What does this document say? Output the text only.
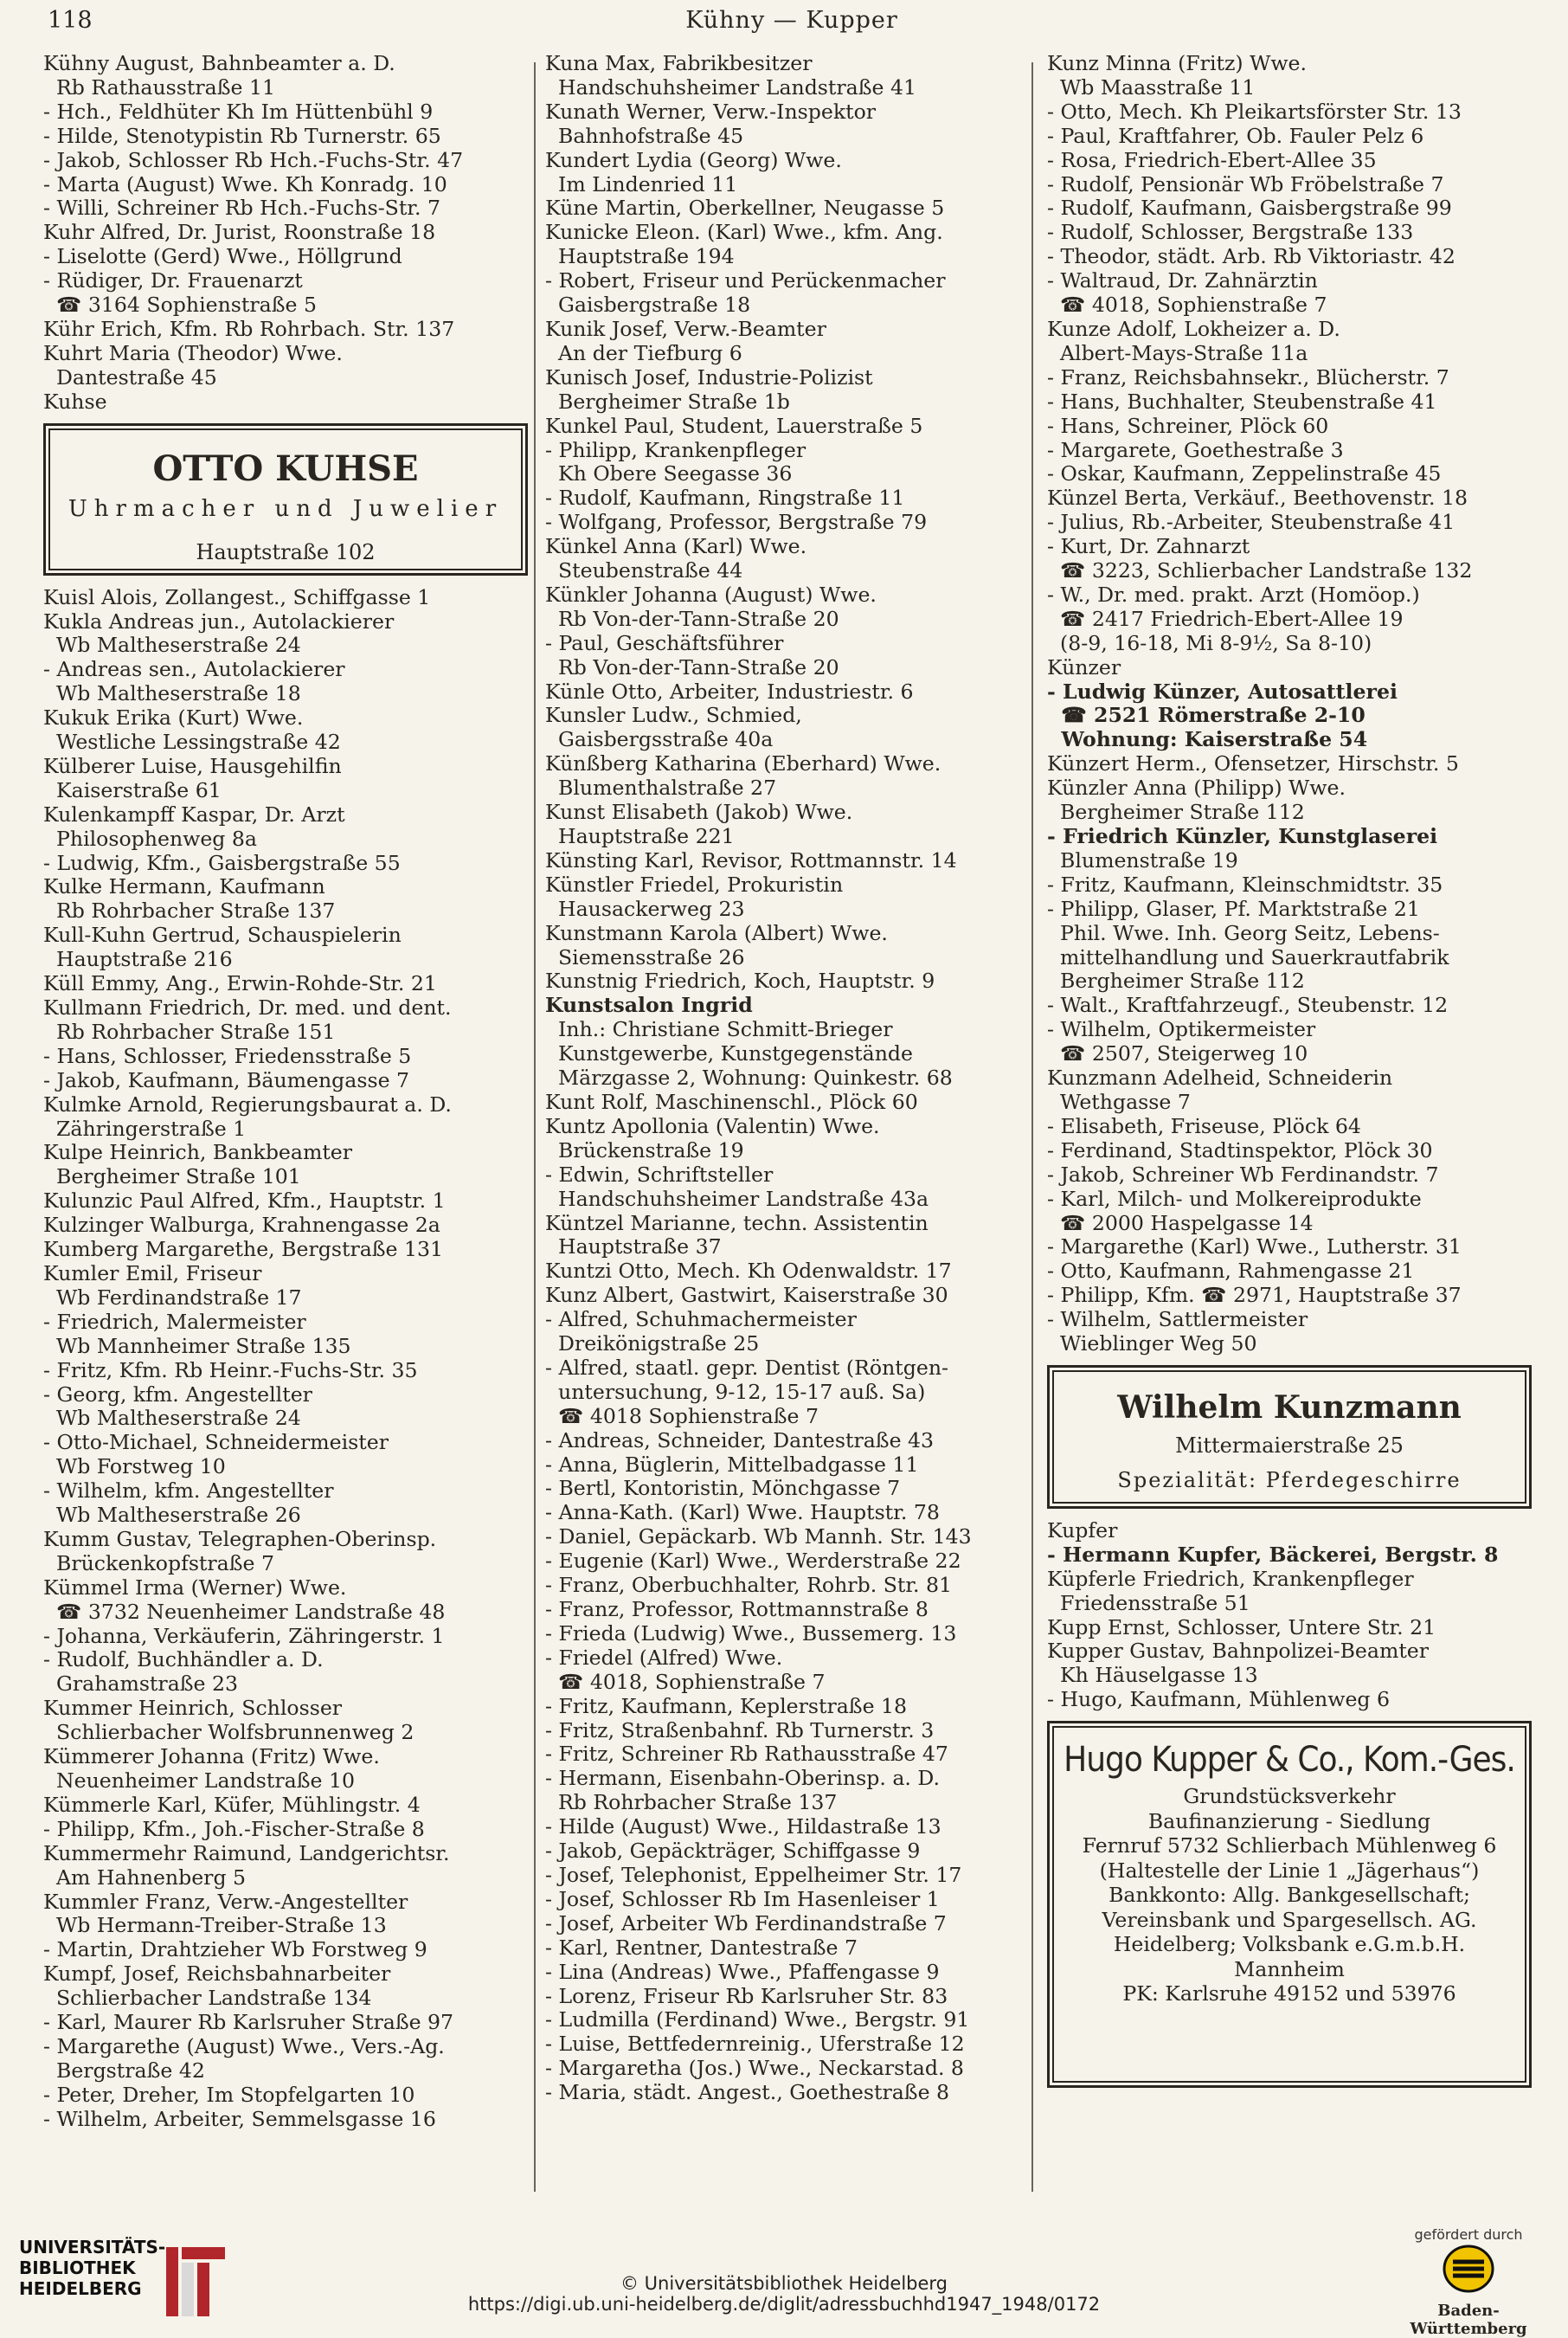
118	Kühny — Kupper
Kühny August, Bahnbeamter a. D.
Rb Rathausstraße 11
- Hch., Feldhüter Kh Im Hüttenbühl 9
- Hilde, Stenotypistin Rb Turnerstr. 65
- Jakob, Schlosser Rb Hch.-Fuchs-Str. 47
- Marta (August) Wwe. Kh Konradg. 10
- Willi, Schreiner Rb Hch.-Fuchs-Str. 7
Kuhr Alfred, Dr. Jurist, Roonstraße 18
- Liselotte (Gerd) Wwe., Höllgrund
- Rüdiger, Dr. Frauenarzt
☎ 3164 Sophienstraße 5
Kühr Erich, Kfm. Rb Rohrbach. Str. 137
Kuhrt Maria (Theodor) Wwe.
Dantestraße 45
Kuhse
OTTO KUHSE
Uhrmacher und Juwelier
Hauptstraße 102
Kuisl Alois, Zollangest., Schiffgasse 1
Kukla Andreas jun., Autolackierer
Wb Maltheserstraße 24
- Andreas sen., Autolackierer
Wb Maltheserstraße 18
Kukuk Erika (Kurt) Wwe.
Westliche Lessingstraße 42
Külberer Luise, Hausgehilfin
Kaiserstraße 61
Kulenkampff Kaspar, Dr. Arzt
Philosophenweg 8a
- Ludwig, Kfm., Gaisbergstraße 55
Kulke Hermann, Kaufmann
Rb Rohrbacher Straße 137
Kull-Kuhn Gertrud, Schauspielerin
Hauptstraße 216
Küll Emmy, Ang., Erwin-Rohde-Str. 21
Kullmann Friedrich, Dr. med. und dent.
Rb Rohrbacher Straße 151
- Hans, Schlosser, Friedensstraße 5
- Jakob, Kaufmann, Bäumengasse 7
Kulmke Arnold, Regierungsbaurat a. D.
Zähringerstraße 1
Kulpe Heinrich, Bankbeamter
Bergheimer Straße 101
Kulunzic Paul Alfred, Kfm., Hauptstr. 1
Kulzinger Walburga, Krahnengasse 2a
Kumberg Margarethe, Bergstraße 131
Kumler Emil, Friseur
Wb Ferdinandstraße 17
- Friedrich, Malermeister
Wb Mannheimer Straße 135
- Fritz, Kfm. Rb Heinr.-Fuchs-Str. 35
- Georg, kfm. Angestellter
Wb Maltheserstraße 24
- Otto-Michael, Schneidermeister
Wb Forstweg 10
- Wilhelm, kfm. Angestellter
Wb Maltheserstraße 26
Kumm Gustav, Telegraphen-Oberinsp.
Brückenkopfstraße 7
Kümmel Irma (Werner) Wwe.
☎ 3732 Neuenheimer Landstraße 48
- Johanna, Verkäuferin, Zähringerstr. 1
- Rudolf, Buchhändler a. D.
Grahamstraße 23
Kummer Heinrich, Schlosser
Schlierbacher Wolfsbrunnenweg 2
Kümmerer Johanna (Fritz) Wwe.
Neuenheimer Landstraße 10
Kümmerle Karl, Küfer, Mühlingstr. 4
- Philipp, Kfm., Joh.-Fischer-Straße 8
Kummermehr Raimund, Landgerichtsr.
Am Hahnenberg 5
Kummler Franz, Verw.-Angestellter
Wb Hermann-Treiber-Straße 13
- Martin, Drahtzieher Wb Forstweg 9
Kumpf, Josef, Reichsbahnarbeiter
Schlierbacher Landstraße 134
- Karl, Maurer Rb Karlsruher Straße 97
- Margarethe (August) Wwe., Vers.-Ag.
Bergstraße 42
- Peter, Dreher, Im Stopfelgarten 10
- Wilhelm, Arbeiter, Semmelsgasse 16
Kuna Max, Fabrikbesitzer
Handschuhsheimer Landstraße 41
Kunath Werner, Verw.-Inspektor
Bahnhofstraße 45
Kundert Lydia (Georg) Wwe.
Im Lindenried 11
Küne Martin, Oberkellner, Neugasse 5
Kunicke Eleon. (Karl) Wwe., kfm. Ang.
Hauptstraße 194
- Robert, Friseur und Perückenmacher
Gaisbergstraße 18
Kunik Josef, Verw.-Beamter
An der Tiefburg 6
Kunisch Josef, Industrie-Polizist
Bergheimer Straße 1b
Kunkel Paul, Student, Lauerstraße 5
- Philipp, Krankenpfleger
Kh Obere Seegasse 36
- Rudolf, Kaufmann, Ringstraße 11
- Wolfgang, Professor, Bergstraße 79
Künkel Anna (Karl) Wwe.
Steubenstraße 44
Künkler Johanna (August) Wwe.
Rb Von-der-Tann-Straße 20
- Paul, Geschäftsführer
Rb Von-der-Tann-Straße 20
Künle Otto, Arbeiter, Industriestr. 6
Kunsler Ludw., Schmied,
Gaisbergsstraße 40a
Künßberg Katharina (Eberhard) Wwe.
Blumenthalstraße 27
Kunst Elisabeth (Jakob) Wwe.
Hauptstraße 221
Künsting Karl, Revisor, Rottmannstr. 14
Künstler Friedel, Prokuristin
Hausackerweg 23
Kunstmann Karola (Albert) Wwe.
Siemensstraße 26
Kunstnig Friedrich, Koch, Hauptstr. 9
Kunstsalon Ingrid
Inh.: Christiane Schmitt-Brieger
Kunstgewerbe, Kunstgegenstände
Märzgasse 2, Wohnung: Quinkestr. 68
Kunt Rolf, Maschinenschl., Plöck 60
Kuntz Apollonia (Valentin) Wwe.
Brückenstraße 19
- Edwin, Schriftsteller
Handschuhsheimer Landstraße 43a
Küntzel Marianne, techn. Assistentin
Hauptstraße 37
Kuntzi Otto, Mech. Kh Odenwaldstr. 17
Kunz Albert, Gastwirt, Kaiserstraße 30
- Alfred, Schuhmachermeister
Dreikönigstraße 25
- Alfred, staatl. gepr. Dentist (Röntgen-
untersuchung, 9-12, 15-17 auß. Sa)
☎ 4018 Sophienstraße 7
- Andreas, Schneider, Dantestraße 43
- Anna, Büglerin, Mittelbadgasse 11
- Bertl, Kontoristin, Mönchgasse 7
- Anna-Kath. (Karl) Wwe. Hauptstr. 78
- Daniel, Gepäckarb. Wb Mannh. Str. 143
- Eugenie (Karl) Wwe., Werderstraße 22
- Franz, Oberbuchhalter, Rohrb. Str. 81
- Franz, Professor, Rottmannstraße 8
- Frieda (Ludwig) Wwe., Bussemerg. 13
- Friedel (Alfred) Wwe.
☎ 4018, Sophienstraße 7
- Fritz, Kaufmann, Keplerstraße 18
- Fritz, Straßenbahnf. Rb Turnerstr. 3
- Fritz, Schreiner Rb Rathausstraße 47
- Hermann, Eisenbahn-Oberinsp. a. D.
Rb Rohrbacher Straße 137
- Hilde (August) Wwe., Hildastraße 13
- Jakob, Gepäckträger, Schiffgasse 9
- Josef, Telephonist, Eppelheimer Str. 17
- Josef, Schlosser Rb Im Hasenleiser 1
- Josef, Arbeiter Wb Ferdinandstraße 7
- Karl, Rentner, Dantestraße 7
- Lina (Andreas) Wwe., Pfaffengasse 9
- Lorenz, Friseur Rb Karlsruher Str. 83
- Ludmilla (Ferdinand) Wwe., Bergstr. 91
- Luise, Bettfedernreinig., Uferstraße 12
- Margaretha (Jos.) Wwe., Neckarstad. 8
- Maria, städt. Angest., Goethestraße 8
Kunz Minna (Fritz) Wwe.
Wb Maasstraße 11
- Otto, Mech. Kh Pleikartsförster Str. 13
- Paul, Kraftfahrer, Ob. Fauler Pelz 6
- Rosa, Friedrich-Ebert-Allee 35
- Rudolf, Pensionär Wb Fröbelstraße 7
- Rudolf, Kaufmann, Gaisbergstraße 99
- Rudolf, Schlosser, Bergstraße 133
- Theodor, städt. Arb. Rb Viktoriastr. 42
- Waltraud, Dr. Zahnärztin
☎ 4018, Sophienstraße 7
Kunze Adolf, Lokheizer a. D.
Albert-Mays-Straße 11a
- Franz, Reichsbahnsekr., Blücherstr. 7
- Hans, Buchhalter, Steubenstraße 41
- Hans, Schreiner, Plöck 60
- Margarete, Goethestraße 3
- Oskar, Kaufmann, Zeppelinstraße 45
Künzel Berta, Verkäuf., Beethovenstr. 18
- Julius, Rb.-Arbeiter, Steubenstraße 41
- Kurt, Dr. Zahnarzt
☎ 3223, Schlierbacher Landstraße 132
- W., Dr. med. prakt. Arzt (Homöop.)
☎ 2417 Friedrich-Ebert-Allee 19
(8-9, 16-18, Mi 8-9½, Sa 8-10)
Künzer
- Ludwig Künzer, Autosattlerei
☎ 2521 Römerstraße 2-10
Wohnung: Kaiserstraße 54
Künzert Herm., Ofensetzer, Hirschstr. 5
Künzler Anna (Philipp) Wwe.
Bergheimer Straße 112
- Friedrich Künzler, Kunstglaserei
Blumenstraße 19
- Fritz, Kaufmann, Kleinschmidtstr. 35
- Philipp, Glaser, Pf. Marktstraße 21
Phil. Wwe. Inh. Georg Seitz, Lebens-
mittelhandlung und Sauerkrautfabrik
Bergheimer Straße 112
- Walt., Kraftfahrzeugf., Steubenstr. 12
- Wilhelm, Optikermeister
☎ 2507, Steigerweg 10
Kunzmann Adelheid, Schneiderin
Wethgasse 7
- Elisabeth, Friseuse, Plöck 64
- Ferdinand, Stadtinspektor, Plöck 30
- Jakob, Schreiner Wb Ferdinandstr. 7
- Karl, Milch- und Molkereiprodukte
☎ 2000 Haspelgasse 14
- Margarethe (Karl) Wwe., Lutherstr. 31
- Otto, Kaufmann, Rahmengasse 21
- Philipp, Kfm. ☎ 2971, Hauptstraße 37
- Wilhelm, Sattlermeister
Wieblinger Weg 50
Wilhelm Kunzmann
Mittermaierstraße 25
Spezialität: Pferdegeschirre
Kupfer
- Hermann Kupfer, Bäckerei, Bergstr. 8
Küpferle Friedrich, Krankenpfleger
Friedensstraße 51
Kupp Ernst, Schlosser, Untere Str. 21
Kupper Gustav, Bahnpolizei-Beamter
Kh Häuselgasse 13
- Hugo, Kaufmann, Mühlenweg 6
Hugo Kupper & Co., Kom.-Ges.
Grundstücksverkehr
Baufinanzierung - Siedlung
Fernruf 5732 Schlierbach Mühlenweg 6
(Haltestelle der Linie 1 „Jägerhaus“)
Bankkonto: Allg. Bankgesellschaft;
Vereinsbank und Spargesellsch. AG.
Heidelberg; Volksbank e.G.m.b.H.
Mannheim
PK: Karlsruhe 49152 und 53976
UNIVERSITÄTS-
BIBLIOTHEK
HEIDELBERG	© Universitätsbibliothek Heidelberg
https://digi.ub.uni-heidelberg.de/diglit/adressbuchhd1947_1948/0172
gefördert durch
Baden-Württemberg
